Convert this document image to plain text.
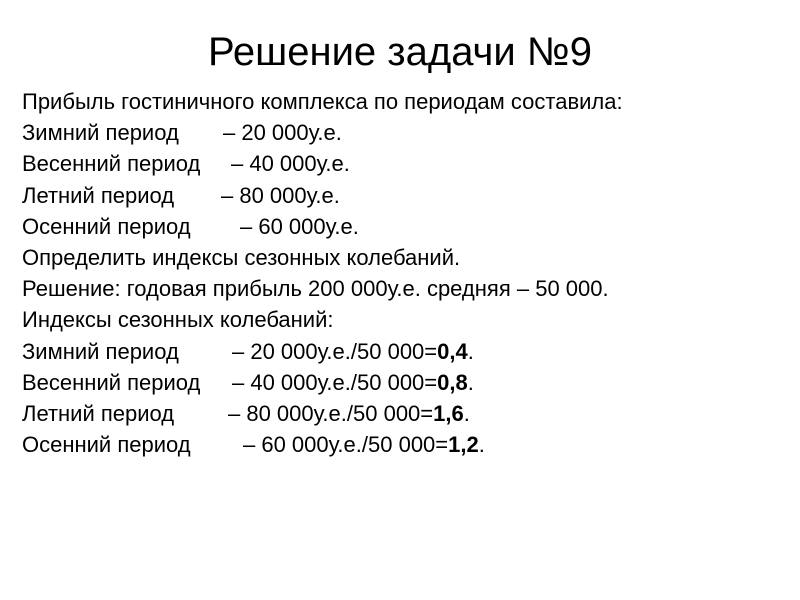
Решение задачи №9

Прибыль гостиничного комплекса по периодам составила:

Зимний период – 20 000у.е.

Весенний период – 40 000у.е.

Летний период – 80 000у.е.

Осенний период – 60 000у.е.

Определить индексы сезонных колебаний.

Решение: годовая прибыль 200 000у.е. средняя – 50 000.

Индексы сезонных колебаний:

Зимний период – 20 000у.е./50 000=0,4.

Весенний период – 40 000у.е./50 000=0,8.

Летний период – 80 000у.е./50 000=1,6.

Осенний период – 60 000у.е./50 000=1,2.
